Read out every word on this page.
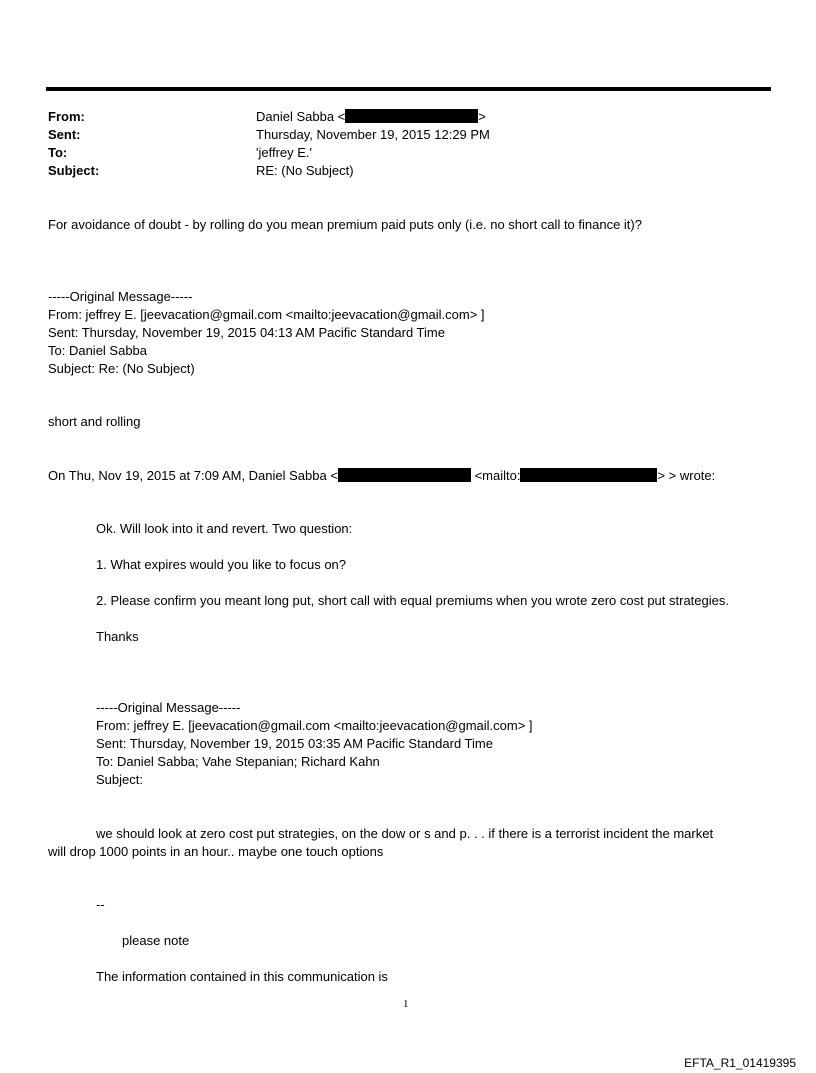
From:	Daniel Sabba <	>
Sent:	Thursday, November 19, 2015 12:29 PM
To:	'jeffrey E.'
Subject:	RE: (No Subject)
For avoidance of doubt - by rolling do you mean premium paid puts only (i.e. no short call to finance it)?
-----Original Message-----
From: jeffrey E. [jeevacation@gmail.com <mailto:jeevacation@gmail.com> ]
Sent: Thursday, November 19, 2015 04:13 AM Pacific Standard Time
To: Daniel Sabba
Subject: Re: (No Subject)
short and rolling
On Thu, Nov 19, 2015 at 7:09 AM, Daniel Sabba <	<mailto:	> > wrote:
Ok. Will look into it and revert. Two question:
1. What expires would you like to focus on?
2. Please confirm you meant long put, short call with equal premiums when you wrote zero cost put strategies.
Thanks
-----Original Message-----
From: jeffrey E. [jeevacation@gmail.com <mailto:jeevacation@gmail.com> ]
Sent: Thursday, November 19, 2015 03:35 AM Pacific Standard Time
To: Daniel Sabba; Vahe Stepanian; Richard Kahn
Subject:
we should look at zero cost put strategies, on the dow or s and p. . . if there is a terrorist incident the market
will drop 1000 points in an hour.. maybe one touch options
--
please note
The information contained in this communication is
1
EFTA_R1_01419395
